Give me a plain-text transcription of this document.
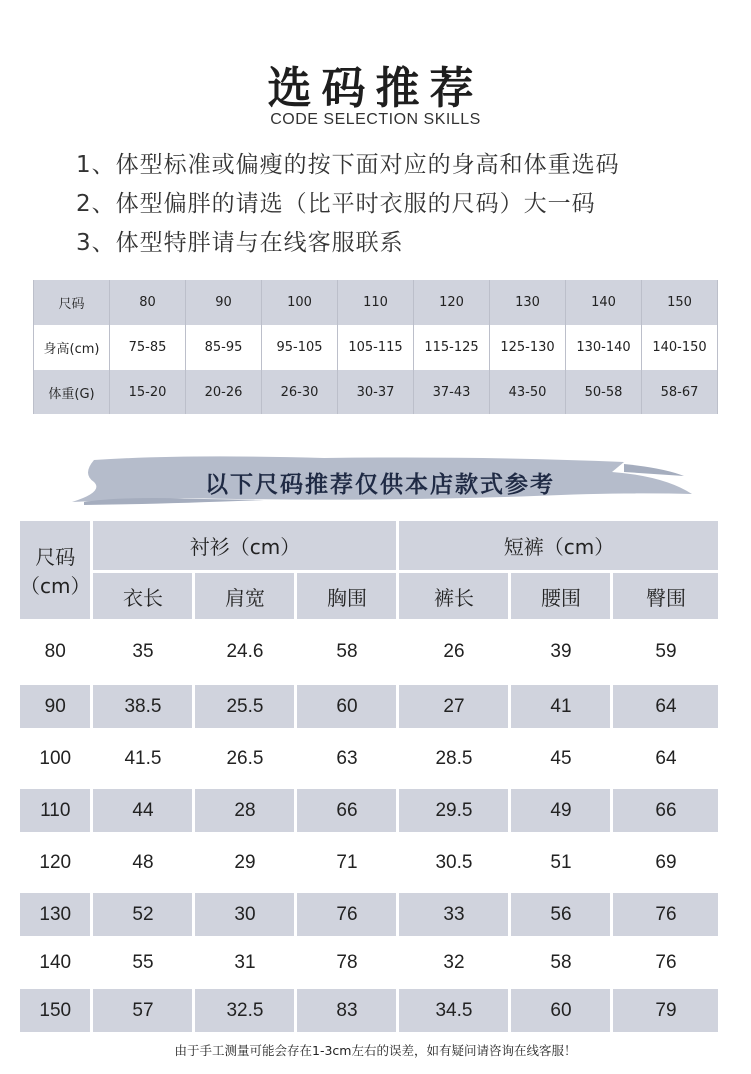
选码推荐
CODE SELECTION SKILLS
1、体型标准或偏瘦的按下面对应的身高和体重选码
2、体型偏胖的请选（比平时衣服的尺码）大一码
3、体型特胖请与在线客服联系
尺码	80	90	100	110	120	130	140	150
身高(cm)	75-85	85-95	95-105	105-115	115-125	125-130	130-140	140-150
体重(G)	15-20	20-26	26-30	30-37	37-43	43-50	50-58	58-67
以下尺码推荐仅供本店款式参考
尺码
（cm）	衬衫（cm）			短裤（cm）		
	衣长	肩宽	胸围	裤长	腰围	臀围
80	35	24.6	58	26	39	59
90	38.5	25.5	60	27	41	64
100	41.5	26.5	63	28.5	45	64
110	44	28	66	29.5	49	66
120	48	29	71	30.5	51	69
130	52	30	76	33	56	76
140	55	31	78	32	58	76
150	57	32.5	83	34.5	60	79
由于手工测量可能会存在1-3cm左右的误差，如有疑问请咨询在线客服！
